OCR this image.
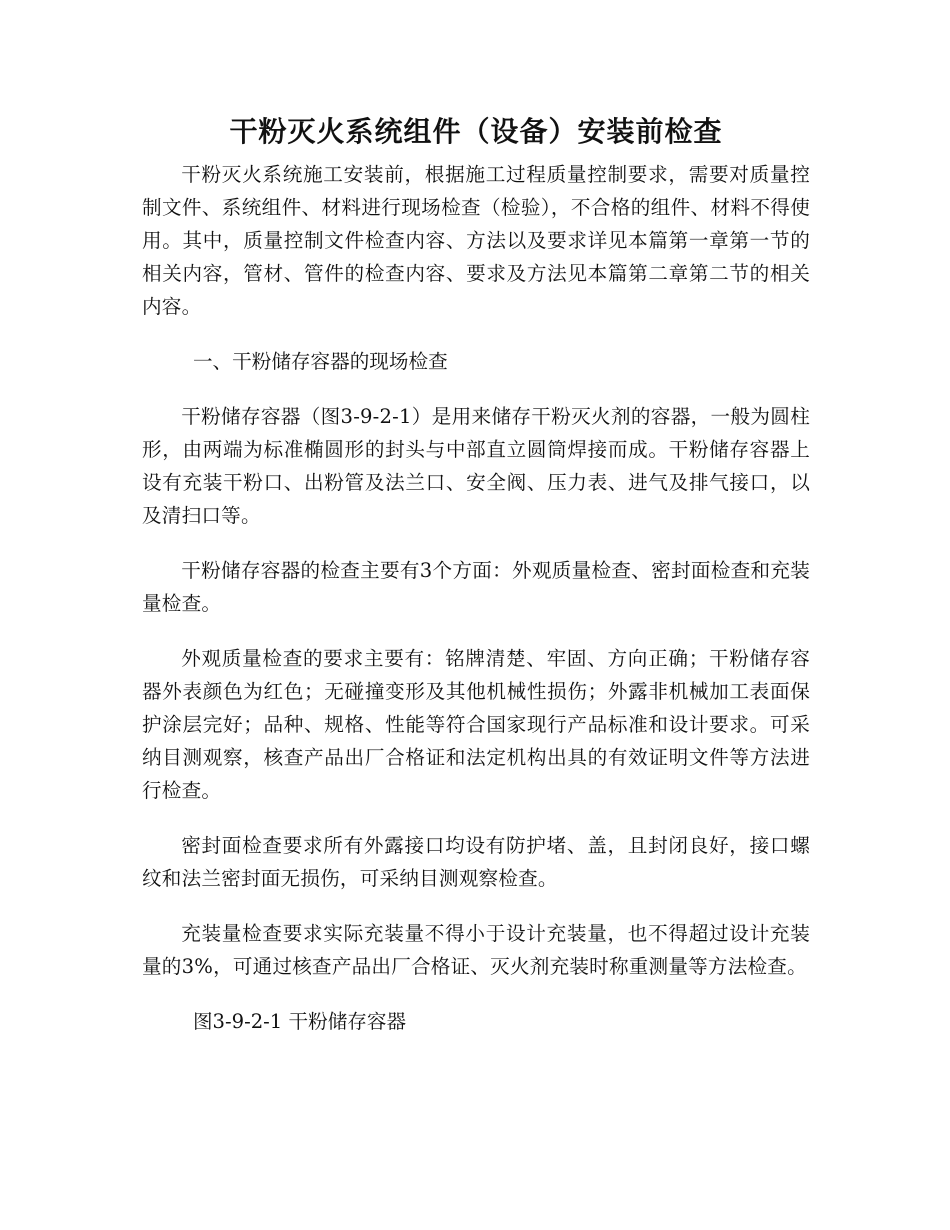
干粉灭火系统组件（设备）安装前检查

干粉灭火系统施工安装前，根据施工过程质量控制要求，需要对质量控制文件、系统组件、材料进行现场检查（检验），不合格的组件、材料不得使用。其中，质量控制文件检查内容、方法以及要求详见本篇第一章第一节的相关内容，管材、管件的检查内容、要求及方法见本篇第二章第二节的相关内容。

一、干粉储存容器的现场检查

干粉储存容器（图3-9-2-1）是用来储存干粉灭火剂的容器，一般为圆柱形，由两端为标准椭圆形的封头与中部直立圆筒焊接而成。干粉储存容器上设有充装干粉口、出粉管及法兰口、安全阀、压力表、进气及排气接口，以及清扫口等。

干粉储存容器的检查主要有3个方面：外观质量检查、密封面检查和充装量检查。

外观质量检查的要求主要有：铭牌清楚、牢固、方向正确；干粉储存容器外表颜色为红色；无碰撞变形及其他机械性损伤；外露非机械加工表面保护涂层完好；品种、规格、性能等符合国家现行产品标准和设计要求。可采纳目测观察，核查产品出厂合格证和法定机构出具的有效证明文件等方法进行检查。

密封面检查要求所有外露接口均设有防护堵、盖，且封闭良好，接口螺纹和法兰密封面无损伤，可采纳目测观察检查。

充装量检查要求实际充装量不得小于设计充装量，也不得超过设计充装量的3%，可通过核查产品出厂合格证、灭火剂充装时称重测量等方法检查。

图3-9-2-1 干粉储存容器
